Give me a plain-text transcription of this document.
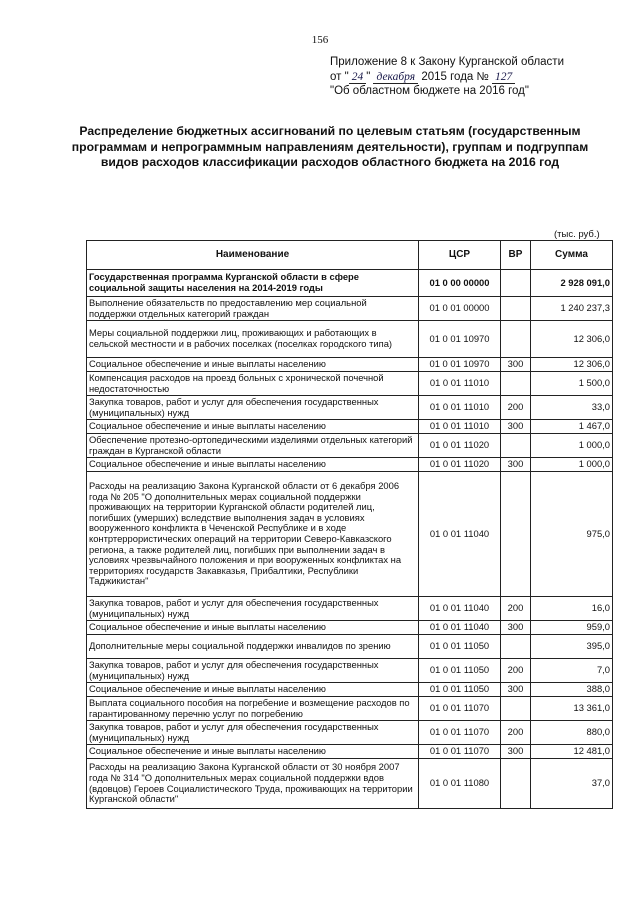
156
Приложение 8 к Закону Курганской области
от " 24 " декабря 2015 года № 127
"Об областном бюджете на 2016 год"
Распределение бюджетных ассигнований по целевым статьям (государственным программам и непрограммным направлениям деятельности), группам и подгруппам видов расходов классификации расходов областного бюджета на 2016 год
(тыс. руб.)
Наименование	ЦСР	ВР	Сумма
Государственная программа Курганской области в сфере социальной защиты населения на 2014-2019 годы	01 0 00 00000		2 928 091,0
Выполнение обязательств по предоставлению мер социальной поддержки отдельных категорий граждан	01 0 01 00000		1 240 237,3
Меры социальной поддержки лиц, проживающих и работающих в сельской местности и в рабочих поселках (поселках городского типа)	01 0 01 10970		12 306,0
Социальное обеспечение и иные выплаты населению	01 0 01 10970	300	12 306,0
Компенсация расходов на проезд больных с хронической почечной недостаточностью	01 0 01 11010		1 500,0
Закупка товаров, работ и услуг для обеспечения государственных (муниципальных) нужд	01 0 01 11010	200	33,0
Социальное обеспечение и иные выплаты населению	01 0 01 11010	300	1 467,0
Обеспечение протезно-ортопедическими изделиями отдельных категорий граждан в Курганской области	01 0 01 11020		1 000,0
Социальное обеспечение и иные выплаты населению	01 0 01 11020	300	1 000,0
Расходы на реализацию Закона Курганской области от 6 декабря 2006 года № 205 "О дополнительных мерах социальной поддержки проживающих на территории Курганской области родителей лиц, погибших (умерших) вследствие выполнения задач в условиях вооруженного конфликта в Чеченской Республике и в ходе контртеррористических операций на территории Северо-Кавказского региона, а также родителей лиц, погибших при выполнении задач в условиях чрезвычайного положения и при вооруженных конфликтах на территориях государств Закавказья, Прибалтики, Республики Таджикистан"	01 0 01 11040		975,0
Закупка товаров, работ и услуг для обеспечения государственных (муниципальных) нужд	01 0 01 11040	200	16,0
Социальное обеспечение и иные выплаты населению	01 0 01 11040	300	959,0
Дополнительные меры социальной поддержки инвалидов по зрению	01 0 01 11050		395,0
Закупка товаров, работ и услуг для обеспечения государственных (муниципальных) нужд	01 0 01 11050	200	7,0
Социальное обеспечение и иные выплаты населению	01 0 01 11050	300	388,0
Выплата социального пособия на погребение и возмещение расходов по гарантированному перечню услуг по погребению	01 0 01 11070		13 361,0
Закупка товаров, работ и услуг для обеспечения государственных (муниципальных) нужд	01 0 01 11070	200	880,0
Социальное обеспечение и иные выплаты населению	01 0 01 11070	300	12 481,0
Расходы на реализацию Закона Курганской области от 30 ноября 2007 года № 314 "О дополнительных мерах социальной поддержки вдов (вдовцов) Героев Социалистического Труда, проживающих на территории Курганской области"	01 0 01 11080		37,0
